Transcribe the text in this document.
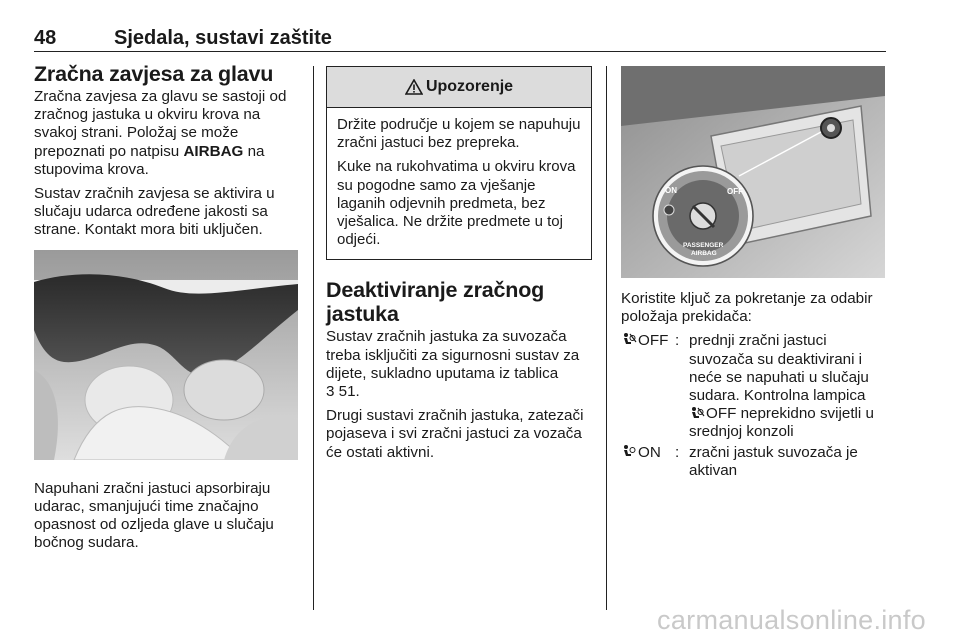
48	Sjedala, sustavi zaštite
Zračna zavjesa za glavu

Zračna zavjesa za glavu se sastoji od zračnog jastuka u okviru krova na svakoj strani. Položaj se može prepoznati po natpisu AIRBAG na stupovima krova.

Sustav zračnih zavjesa se aktivira u slučaju udarca određene jakosti sa strane. Kontakt mora biti uključen.

Napuhani zračni jastuci apsorbiraju udarac, smanjujući time značajno opasnost od ozljeda glave u slučaju bočnog sudara.

Upozorenje

Držite područje u kojem se napuhuju zračni jastuci bez prepreka.

Kuke na rukohvatima u okviru krova su pogodne samo za vješanje laganih odjevnih predmeta, bez vješalica. Ne držite predmete u toj odjeći.

Deaktiviranje zračnog jastuka

Sustav zračnih jastuka za suvozača treba isključiti za sigurnosni sustav za dijete, sukladno uputama iz tablica
3 51.

Drugi sustavi zračnih jastuka, zatezači pojaseva i svi zračni jastuci za vozača će ostati aktivni.

ON	OFF
PASSENGER
AIRBAG

Koristite ključ za pokretanje za odabir položaja prekidača:

OFF : prednji zračni jastuci suvozača su deaktivirani i neće se napuhati u slučaju sudara. Kontrolna lampica OFF neprekidno svijetli u srednjoj konzoli
ON : zračni jastuk suvozača je aktivan
carmanualsonline.info
